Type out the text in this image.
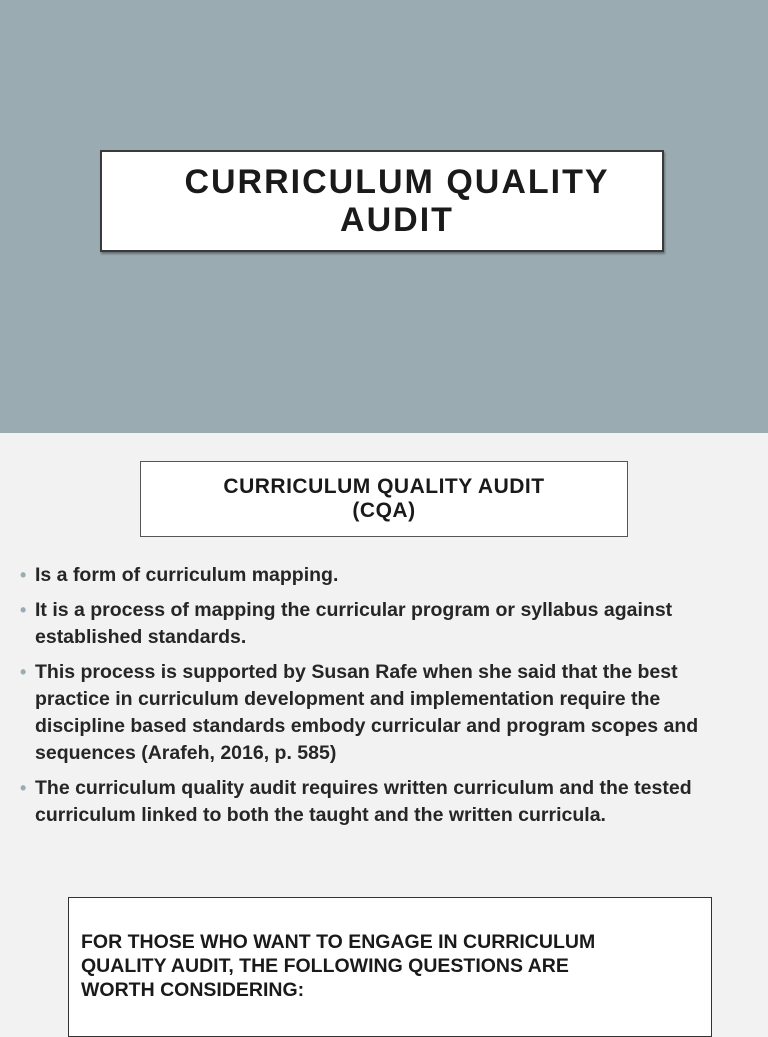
CURRICULUM QUALITY
AUDIT
CURRICULUM QUALITY AUDIT
(CQA)
• Is a form of curriculum mapping.
• It is a process of mapping the curricular program or syllabus against established standards.
• This process is supported by Susan Rafe when she said that the best practice in curriculum development and implementation require the discipline based standards embody curricular and program scopes and sequences (Arafeh, 2016, p. 585)
• The curriculum quality audit requires written curriculum and the tested curriculum linked to both the taught and the written curricula.
FOR THOSE WHO WANT TO ENGAGE IN CURRICULUM
QUALITY AUDIT, THE FOLLOWING QUESTIONS ARE
WORTH CONSIDERING:
